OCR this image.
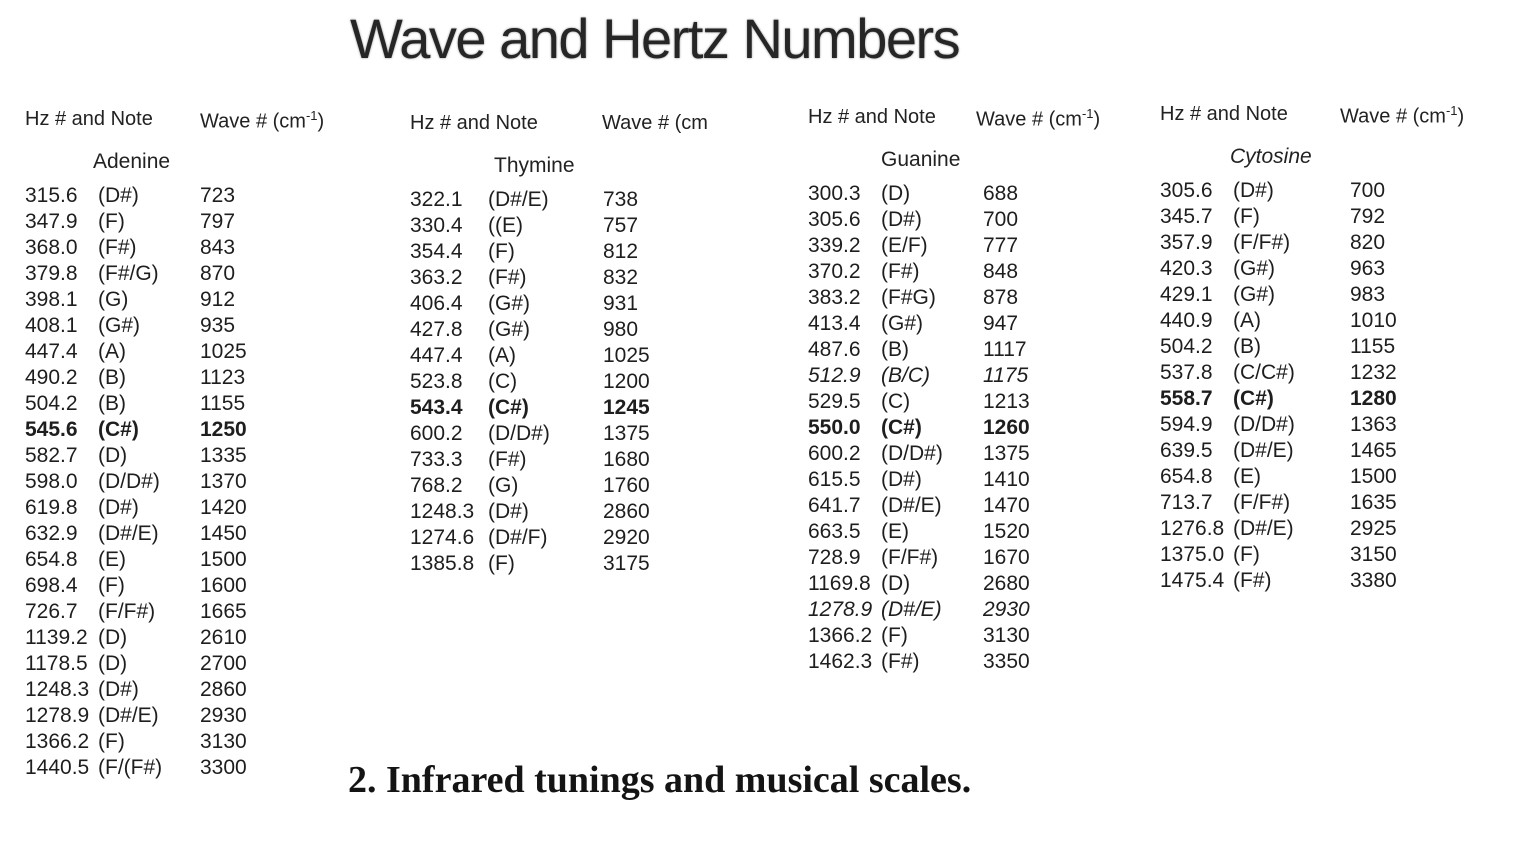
Wave and Hertz Numbers
Hz # and Note Wave # $(cm^{-1})$
Adenine
315.6 (D#)	723
347.9 (F)	797
368.0 (F#)	843
379.8 (F#/G) 870
398.1 (G)	912
408.1 (G#)	935
447.4 (A)	1025
490.2 (B)	1123
504.2 (B)	1155
545.6 (C#)	1250
582.7 (D)	1335
598.0 (D/D#) 1370
619.8 (D#)	1420
632.9 (D#/E) 1450
654.8 (E)	1500
698.4 (F)	1600
726.7 (F/F#) 1665
1139.2 (D)	2610
1178.5 (D)	2700
1248.3 (D#)	2860
1278.9 (D#/E) 2930
1366.2 (F)	3130
1440.5 (F/(F#) 3300
Hz # and Note	Wave # (cm
Thymine
322.1 (D#/E)	738
330.4 ((E)	757
354.4 (F)	812
363.2 (F#)	832
406.4 (G#)	931
427.8 (G#)	980
447.4 (A)	1025
523.8 (C)	1200
543.4 (C#)	1245
600.2 (D/D#)	1375
733.3 (F#)	1680
768.2 (G)	1760
1248.3 (D#)	2860
1274.6 (D#/F)	2920
1385.8 (F)	3175
Hz # and Note Wave # $(cm^{-1})$
Guanine
300.3 (D)	688
305.6 (D#)	700
339.2 (E/F)	777
370.2 (F#)	848
383.2 (F#G) 878
413.4 (G#)	947
487.6 (B)	1117
512.9 (B/C)	1175
529.5 (C)	1213
550.0 (C#)	1260
600.2 (D/D#) 1375
615.5 (D#)	1410
641.7 (D#/E) 1470
663.5 (E)	1520
728.9 (F/F#) 1670
1169.8 (D)	2680
1278.9 (D#/E) 2930
1366.2 (F)	3130
1462.3 (F#)	3350
Hz # and Note	Wave # $(cm^{-1})$
Cytosine
305.6 (D#)	700
345.7 (F)	792
357.9 (F/F#)	820
420.3 (G#)	963
429.1 (G#)	983
440.9 (A)	1010
504.2 (B)	1155
537.8 (C/C#)	1232
558.7 (C#)	1280
594.9 (D/D#)	1363
639.5 (D#/E)	1465
654.8 (E)	1500
713.7 (F/F#)	1635
1276.8 (D#/E)	2925
1375.0 (F)	3150
1475.4 (F#)	3380
2. Infrared tunings and musical scales.
